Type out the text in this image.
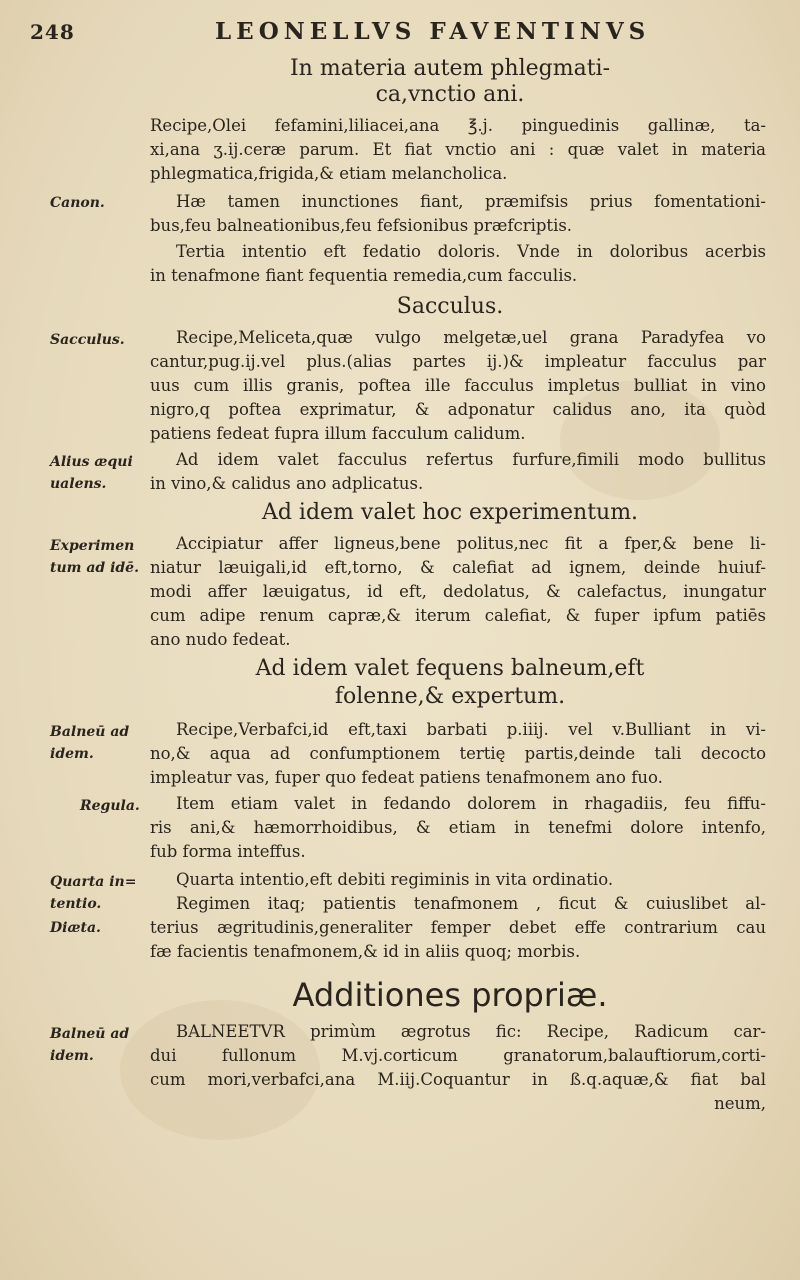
248	LEONELLVS FAVENTINVS
In materia autem phlegmati-
ca,vnctio ani.
Recipe,Olei fefamini,liliacei,ana ℥.j. pinguedinis gallinæ, ta-
xi,ana ʒ.ij.ceræ parum. Et fiat vnctio ani : quæ valet in materia
phlegmatica,frigida,& etiam melancholica.
Canon.	Hæ tamen inunctiones fiant, præmifsis prius fomentationi-
bus,feu balneationibus,feu fefsionibus præfcriptis.
Tertia intentio eft fedatio doloris. Vnde in doloribus acerbis
in tenafmone fiant fequentia remedia,cum facculis.
Sacculus.
Sacculus.	Recipe,Meliceta,quæ vulgo melgetæ,uel grana Paradyfea vo
cantur,pug.ij.vel plus.(alias partes ij.)& impleatur facculus par
uus cum illis granis, poftea ille facculus impletus bulliat in vino
nigro,q poftea exprimatur, & adponatur calidus ano, ita quòd
patiens fedeat fupra illum facculum calidum.
Alius æqui
ualens.
Ad idem valet facculus refertus furfure,fimili modo bullitus
in vino,& calidus ano adplicatus.
Ad idem valet hoc experimentum.
Experimen
tum ad idē.
Accipiatur affer ligneus,bene politus,nec fit a fper,& bene li-
niatur læuigali,id eft,torno, & calefiat ad ignem, deinde huiuf-
modi affer læuigatus, id eft, dedolatus, & calefactus, inungatur
cum adipe renum capræ,& iterum calefiat, & fuper ipfum patiēs
ano nudo fedeat.
Ad idem valet fequens balneum,eft
folenne,& expertum.
Balneū ad
idem.
Recipe,Verbafci,id eft,taxi barbati p.iiij. vel v.Bulliant in vi-
no,& aqua ad confumptionem tertię partis,deinde tali decocto
impleatur vas, fuper quo fedeat patiens tenafmonem ano fuo.
Regula.	Item etiam valet in fedando dolorem in rhagadiis, feu fiffu-
ris ani,& hæmorrhoidibus, & etiam in tenefmi dolore intenfo,
fub forma inteffus.
Quarta in=
tentio.
Quarta intentio,eft debiti regiminis in vita ordinatio.
Regimen itaq; patientis tenafmonem , ficut & cuiuslibet al-
Diæta.	terius ægritudinis,generaliter femper debet effe contrarium cau
fæ facientis tenafmonem,& id in aliis quoq; morbis.
Additiones propriæ.
Balneū ad
idem.
BALNEETVR primùm ægrotus fic: Recipe, Radicum car-
dui fullonum M.vj.corticum granatorum,balauftiorum,corti-
cum mori,verbafci,ana M.iij.Coquantur in ß.q.aquæ,& fiat bal
neum,
